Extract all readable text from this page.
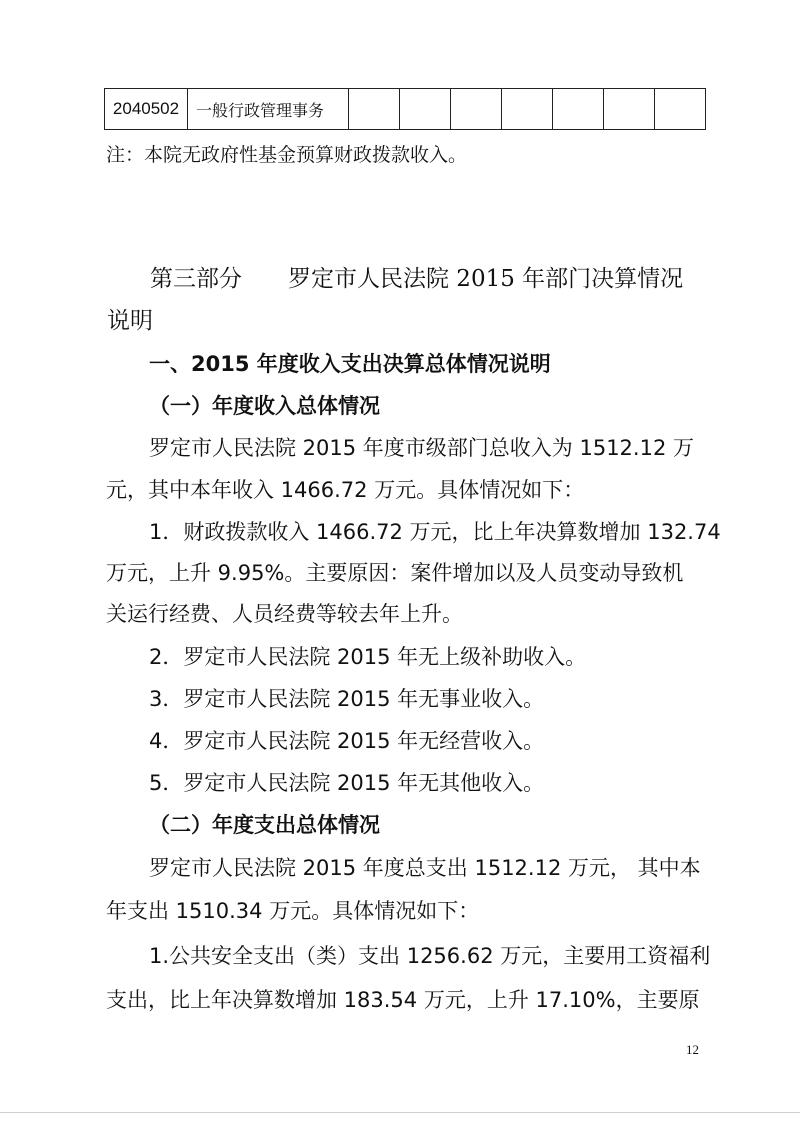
2040502	一般行政管理事务							
注：本院无政府性基金预算财政拨款收入。
第三部分　　罗定市人民法院 2015 年部门决算情况
说明
一、2015 年度收入支出决算总体情况说明
（一）年度收入总体情况
罗定市人民法院 2015 年度市级部门总收入为 1512.12 万
元，其中本年收入 1466.72 万元。具体情况如下：
1．财政拨款收入 1466.72 万元，比上年决算数增加 132.74
万元，上升 9.95%。主要原因：案件增加以及人员变动导致机
关运行经费、人员经费等较去年上升。
2．罗定市人民法院 2015 年无上级补助收入。
3．罗定市人民法院 2015 年无事业收入。
4．罗定市人民法院 2015 年无经营收入。
5．罗定市人民法院 2015 年无其他收入。
（二）年度支出总体情况
罗定市人民法院 2015 年度总支出 1512.12 万元， 其中本
年支出 1510.34 万元。具体情况如下：
1.公共安全支出（类）支出 1256.62 万元，主要用工资福利
支出，比上年决算数增加 183.54 万元，上升 17.10%，主要原
12
